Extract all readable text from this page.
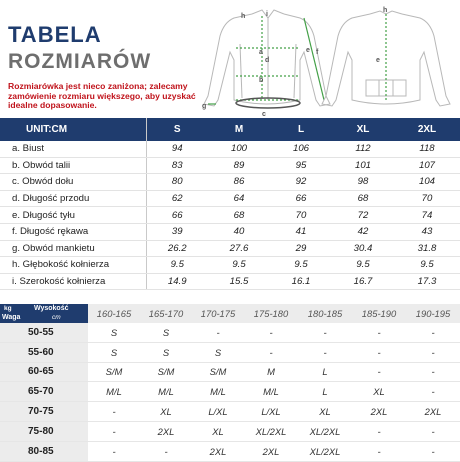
TABELA
ROZMIARÓW
Rozmiarówka jest nieco zaniżona; zalecamy zamówienie rozmiaru większego, aby uzyskać idealne dopasowanie.
h	i
a
d
b
c
e f
g
h
e
UNIT:CM	S	M	L	XL	2XL
a. Biust	94	100	106	112	118
b. Obwód talii	83	89	95	101	107
c. Obwód dołu	80	86	92	98	104
d. Długość przodu	62	64	66	68	70
e. Długość tyłu	66	68	70	72	74
f. Długość rękawa	39	40	41	42	43
g. Obwód mankietu	26.2	27.6	29	30.4	31.8
h. Głębokość kołnierza	9.5	9.5	9.5	9.5	9.5
i. Szerokość kołnierza	14.9	15.5	16.1	16.7	17.3
kg
Waga
Wysokość
cm	160-165	165-170	170-175	175-180	180-185	185-190	190-195
50-55	S	S	-	-	-	-	-
55-60	S	S	S	-	-	-	-
60-65	S/M	S/M	S/M	M	L	-	-
65-70	M/L	M/L	M/L	M/L	L	XL	-
70-75	-	XL	L/XL	L/XL	XL	2XL	2XL
75-80	-	2XL	XL	XL/2XL	XL/2XL	-	-
80-85	-	-	2XL	2XL	XL/2XL	-	-
